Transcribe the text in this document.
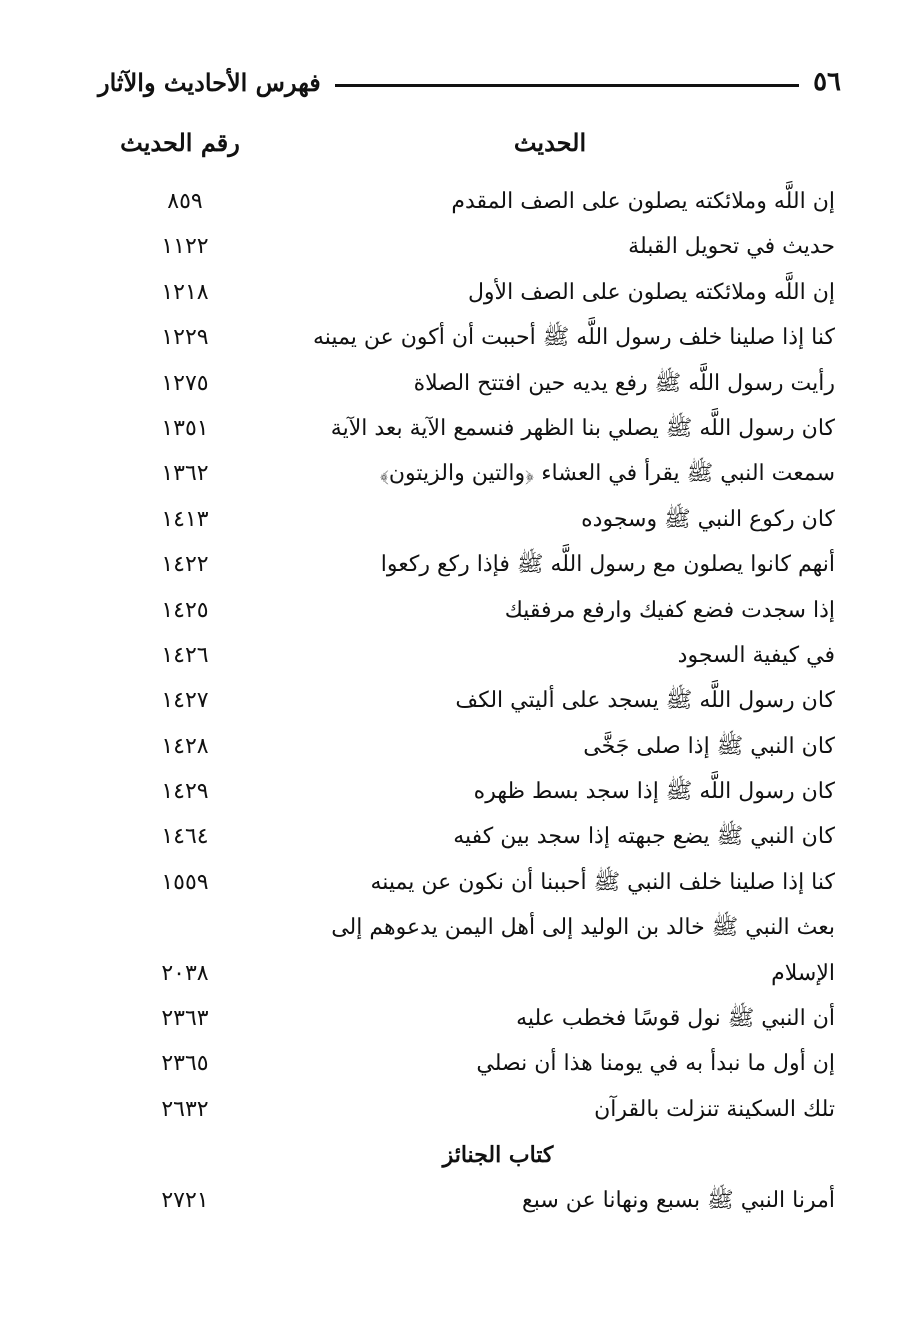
٥٦
فهرس الأحاديث والآثار
الحديث
رقم الحديث
إن اللَّه وملائكته يصلون على الصف المقدم
٨٥٩
حديث في تحويل القبلة
١١٢٢
إن اللَّه وملائكته يصلون على الصف الأول
١٢١٨
كنا إذا صلينا خلف رسول اللَّه ﷺ أحببت أن أكون عن يمينه
١٢٢٩
رأيت رسول اللَّه ﷺ رفع يديه حين افتتح الصلاة
١٢٧٥
كان رسول اللَّه ﷺ يصلي بنا الظهر فنسمع الآية بعد الآية
١٣٥١
سمعت النبي ﷺ يقرأ في العشاء ﴿والتين والزيتون﴾
١٣٦٢
كان ركوع النبي ﷺ وسجوده
١٤١٣
أنهم كانوا يصلون مع رسول اللَّه ﷺ فإذا ركع ركعوا
١٤٢٢
إذا سجدت فضع كفيك وارفع مرفقيك
١٤٢٥
في كيفية السجود
١٤٢٦
كان رسول اللَّه ﷺ يسجد على أليتي الكف
١٤٢٧
كان النبي ﷺ إذا صلى جَخَّى
١٤٢٨
كان رسول اللَّه ﷺ إذا سجد بسط ظهره
١٤٢٩
كان النبي ﷺ يضع جبهته إذا سجد بين كفيه
١٤٦٤
كنا إذا صلينا خلف النبي ﷺ أحببنا أن نكون عن يمينه
١٥٥٩
بعث النبي ﷺ خالد بن الوليد إلى أهل اليمن يدعوهم إلى
الإسلام
٢٠٣٨
أن النبي ﷺ نول قوسًا فخطب عليه
٢٣٦٣
إن أول ما نبدأ به في يومنا هذا أن نصلي
٢٣٦٥
تلك السكينة تنزلت بالقرآن
٢٦٣٢
كتاب الجنائز
أمرنا النبي ﷺ بسبع ونهانا عن سبع
٢٧٢١
